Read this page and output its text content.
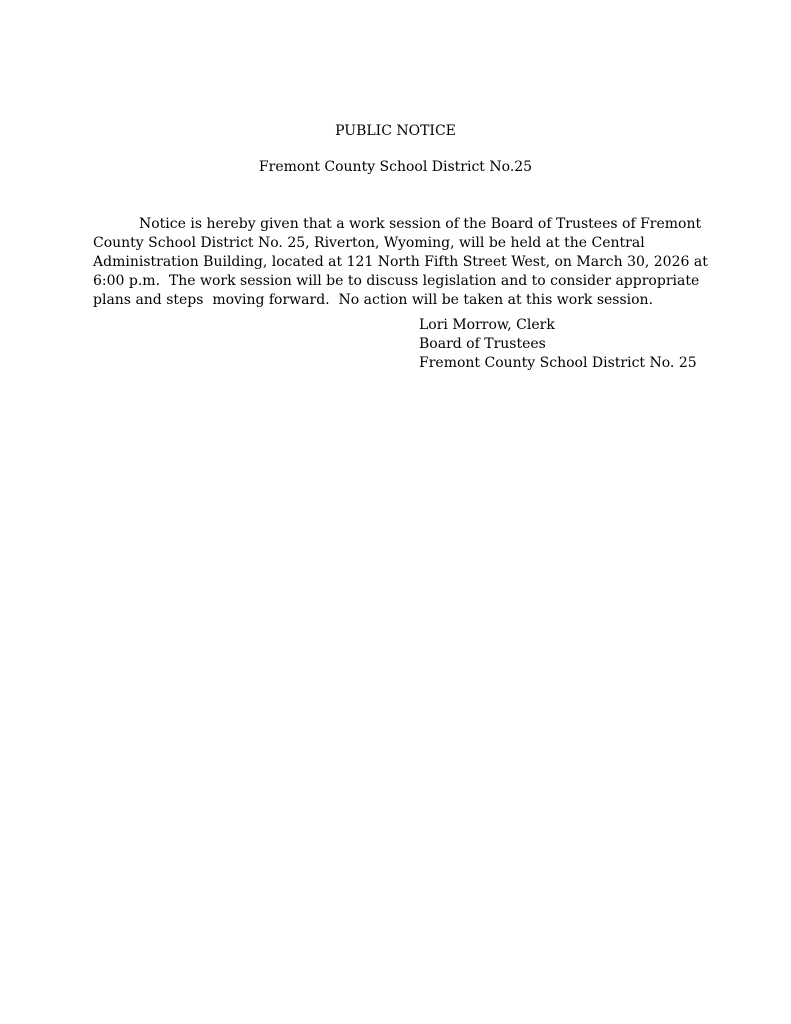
PUBLIC NOTICE
Fremont County School District No.25
Notice is hereby given that a work session of the Board of Trustees of Fremont
County School District No. 25, Riverton, Wyoming, will be held at the Central
Administration Building, located at 121 North Fifth Street West, on March 30, 2026 at
6:00 p.m.  The work session will be to discuss legislation and to consider appropriate
plans and steps  moving forward.  No action will be taken at this work session.
Lori Morrow, Clerk
Board of Trustees
Fremont County School District No. 25
